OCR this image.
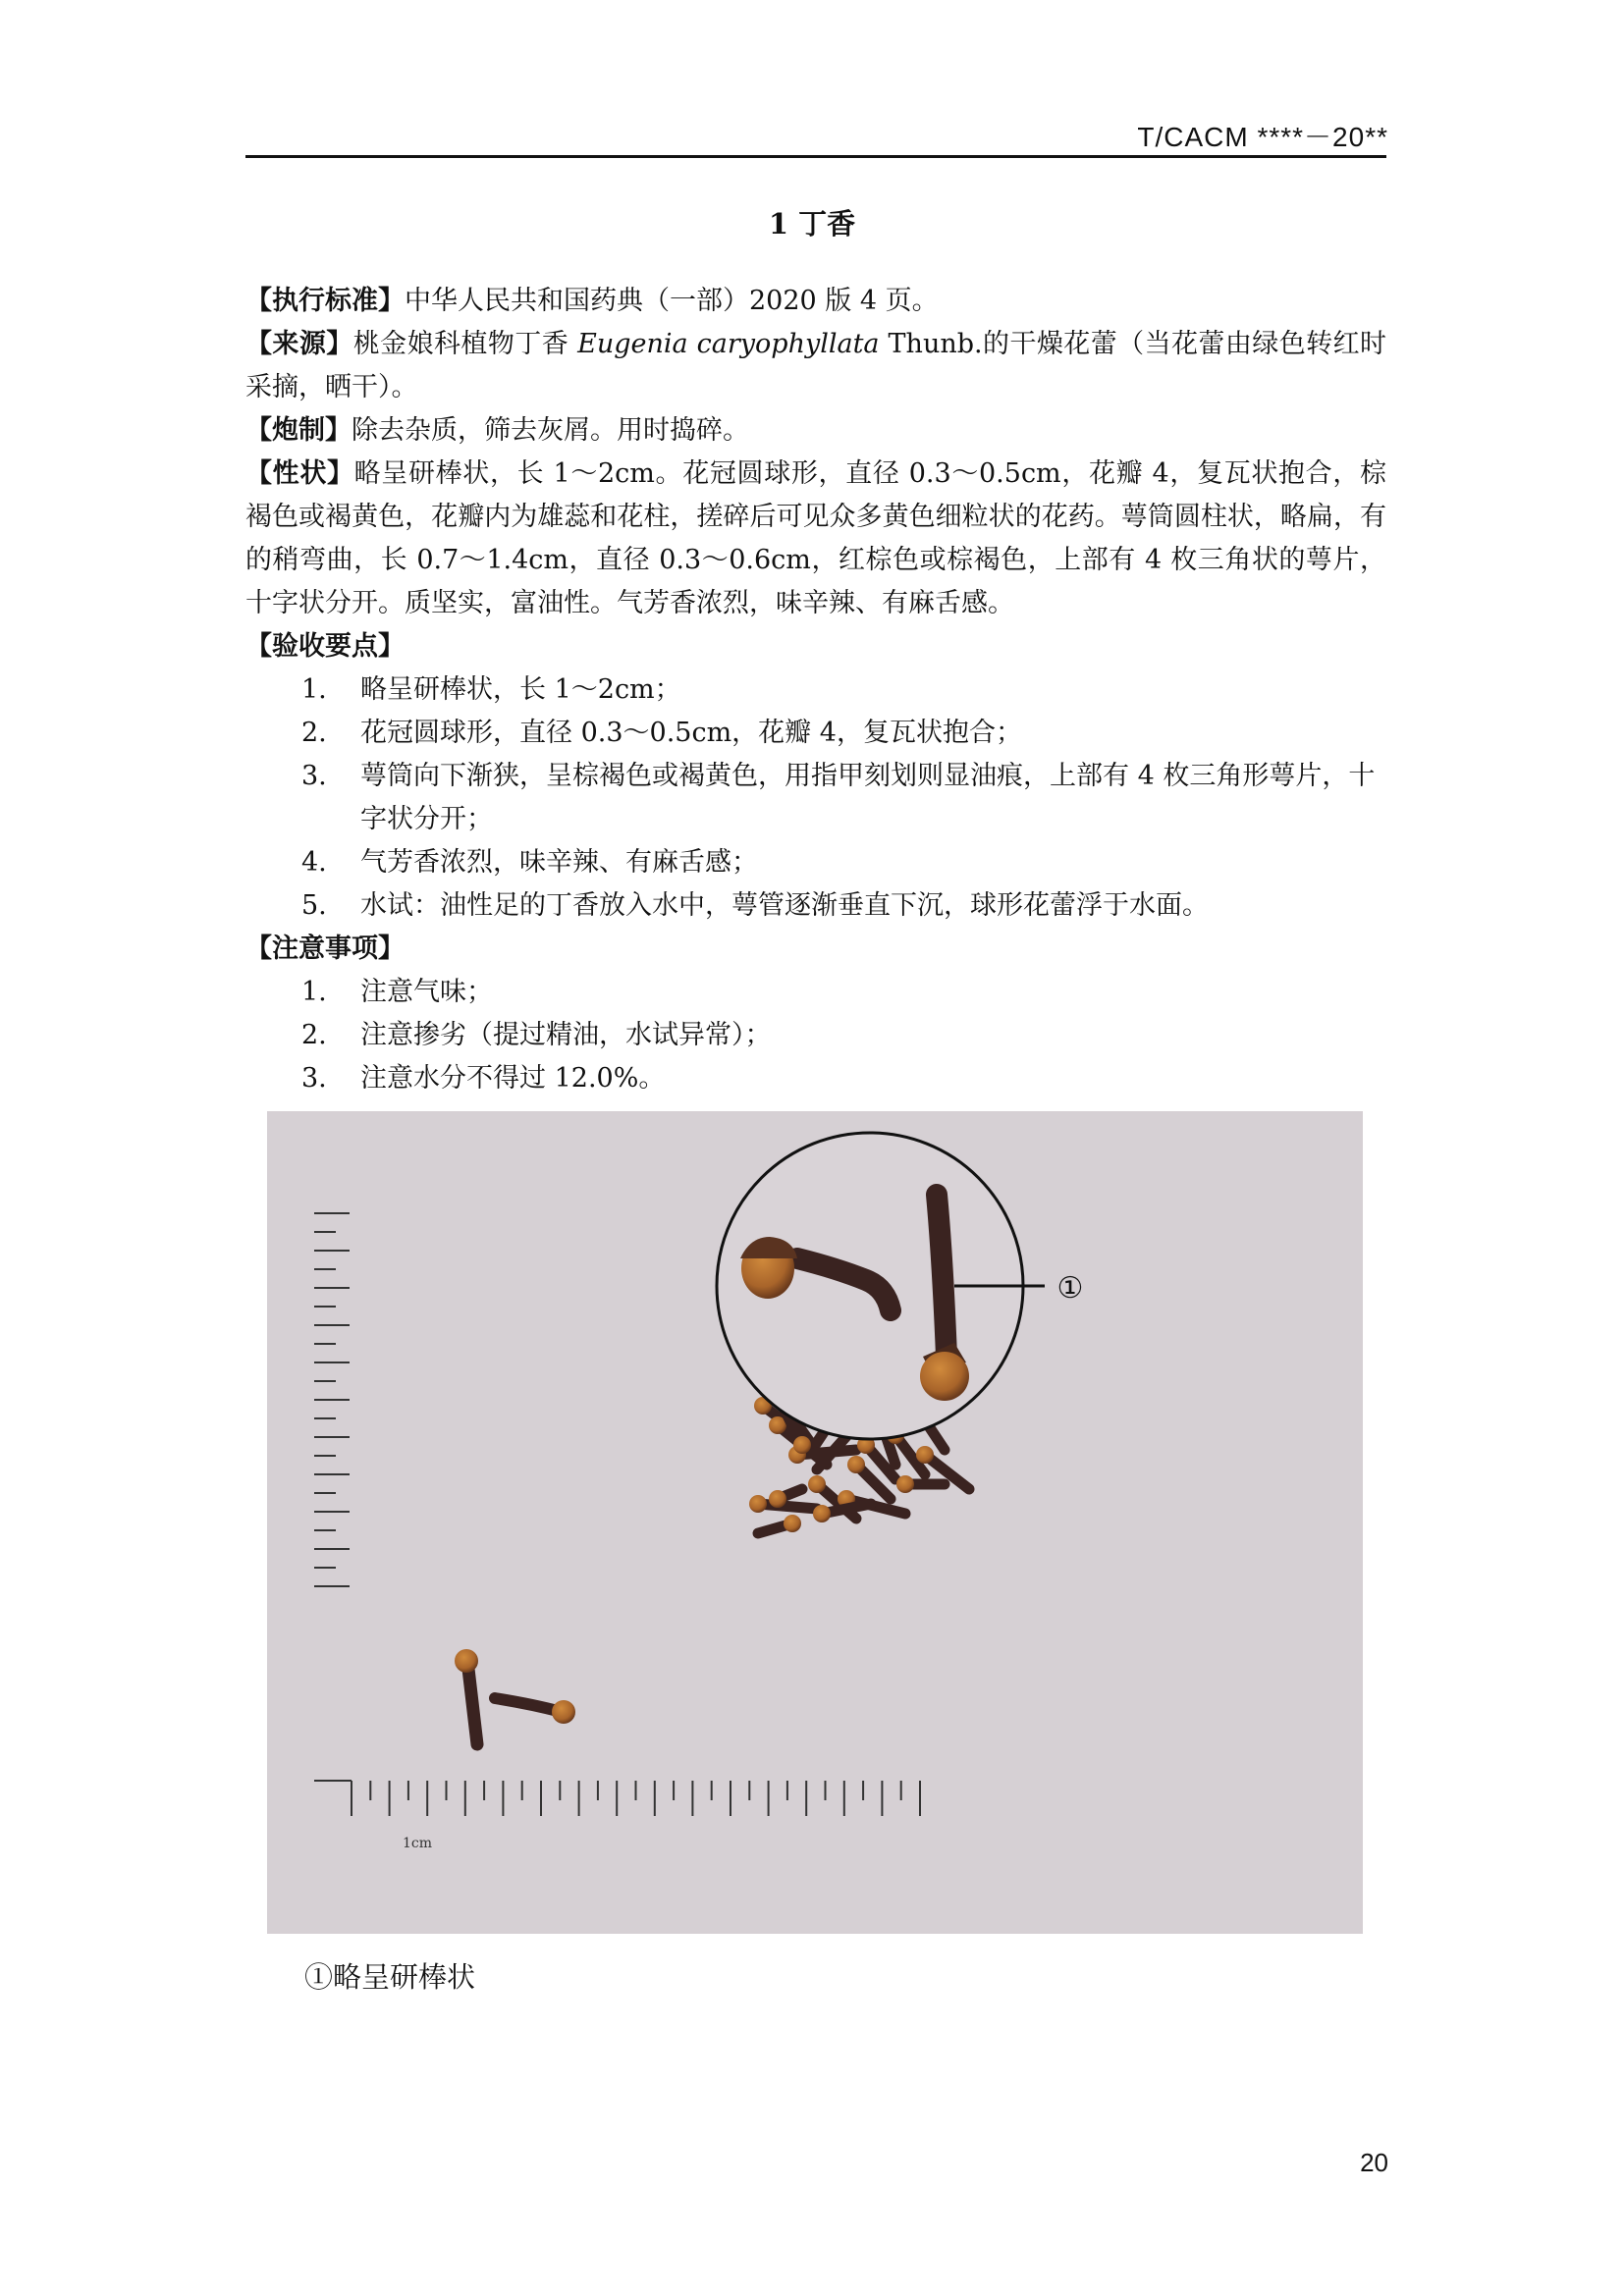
T/CACM ****－20**
1 丁香

【执行标准】中华人民共和国药典（一部）2020 版 4 页。

【来源】桃金娘科植物丁香 Eugenia caryophyllata Thunb.的干燥花蕾（当花蕾由绿色转红时采摘，晒干）。

【炮制】除去杂质，筛去灰屑。用时捣碎。

【性状】略呈研棒状，长 1～2cm。花冠圆球形，直径 0.3～0.5cm，花瓣 4，复瓦状抱合，棕褐色或褐黄色，花瓣内为雄蕊和花柱，搓碎后可见众多黄色细粒状的花药。萼筒圆柱状，略扁，有的稍弯曲，长 0.7～1.4cm，直径 0.3～0.6cm，红棕色或棕褐色，上部有 4 枚三角状的萼片，十字状分开。质坚实，富油性。气芳香浓烈，味辛辣、有麻舌感。

【验收要点】

1. 略呈研棒状，长 1～2cm；
2. 花冠圆球形，直径 0.3～0.5cm，花瓣 4，复瓦状抱合；
3. 萼筒向下渐狭，呈棕褐色或褐黄色，用指甲刻划则显油痕，上部有 4 枚三角形萼片，十字状分开；
4. 气芳香浓烈，味辛辣、有麻舌感；
5. 水试：油性足的丁香放入水中，萼管逐渐垂直下沉，球形花蕾浮于水面。

【注意事项】

1. 注意气味；
2. 注意掺劣（提过精油，水试异常）；
3. 注意水分不得过 12.0%。
1cm
①
①略呈研棒状
20
